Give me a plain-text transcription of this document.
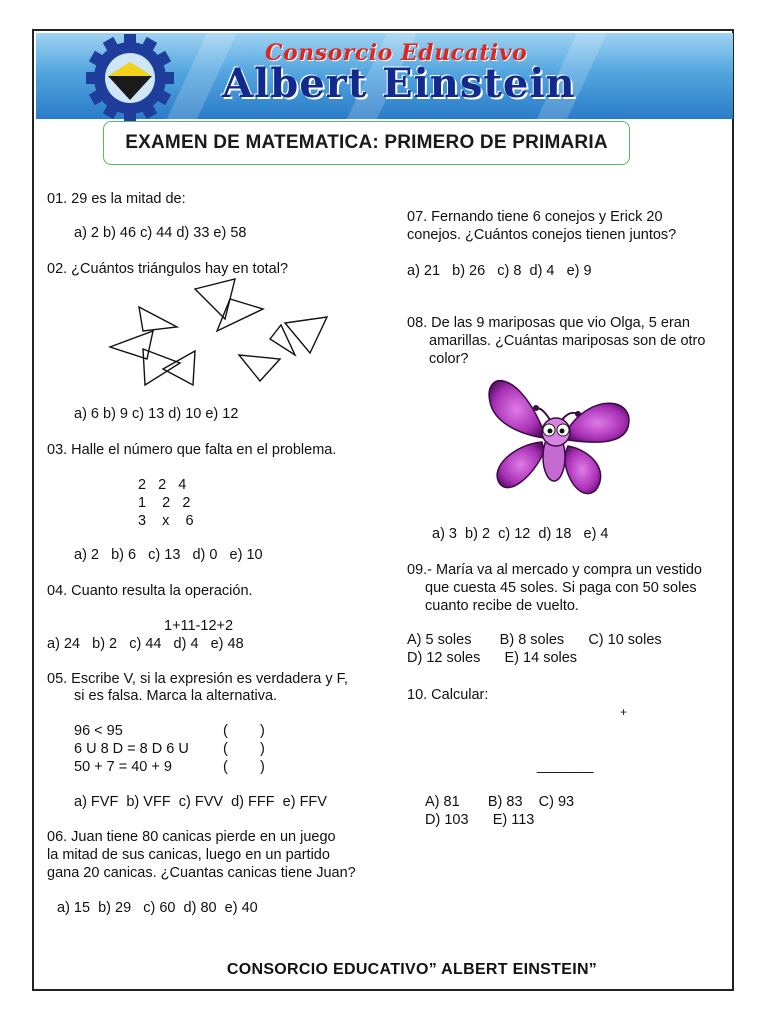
Consorcio Educativo
Albert Einstein
EXAMEN DE MATEMATICA: PRIMERO DE PRIMARIA
01. 29 es la mitad de:
a) 2 b) 46 c) 44 d) 33 e) 58
02. ¿Cuántos triángulos hay en total?
a) 6 b) 9 c) 13 d) 10 e) 12
03. Halle el número que falta en el problema.
2   2   4
1    2   2
3    x    6
a) 2   b) 6   c) 13   d) 0   e) 10
04. Cuanto resulta la operación.
1+11-12+2
a) 24   b) 2   c) 44   d) 4   e) 48
05. Escribe V, si la expresión es verdadera y F,
si es falsa. Marca la alternativa.
96 < 95	(        )
6 U 8 D = 8 D 6 U (        )
50 + 7 = 40 + 9	(        )
a) FVF  b) VFF  c) FVV  d) FFF  e) FFV
06. Juan tiene 80 canicas pierde en un juego
la mitad de sus canicas, luego en un partido
gana 20 canicas. ¿Cuantas canicas tiene Juan?
a) 15  b) 29   c) 60  d) 80  e) 40
07. Fernando tiene 6 conejos y Erick 20
conejos. ¿Cuántos conejos tienen juntos?
a) 21   b) 26   c) 8  d) 4   e) 9
08. De las 9 mariposas que vio Olga, 5 eran
amarillas. ¿Cuántas mariposas son de otro
color?
a) 3  b) 2  c) 12  d) 18   e) 4
09.- María va al mercado y compra un vestido
que cuesta 45 soles. Si paga con 50 soles
cuanto recibe de vuelto.
A) 5 soles       B) 8 soles      C) 10 soles
D) 12 soles      E) 14 soles
10. Calcular:
+
_______
A) 81       B) 83    C) 93
D) 103      E) 113
CONSORCIO EDUCATIVO” ALBERT EINSTEIN”
